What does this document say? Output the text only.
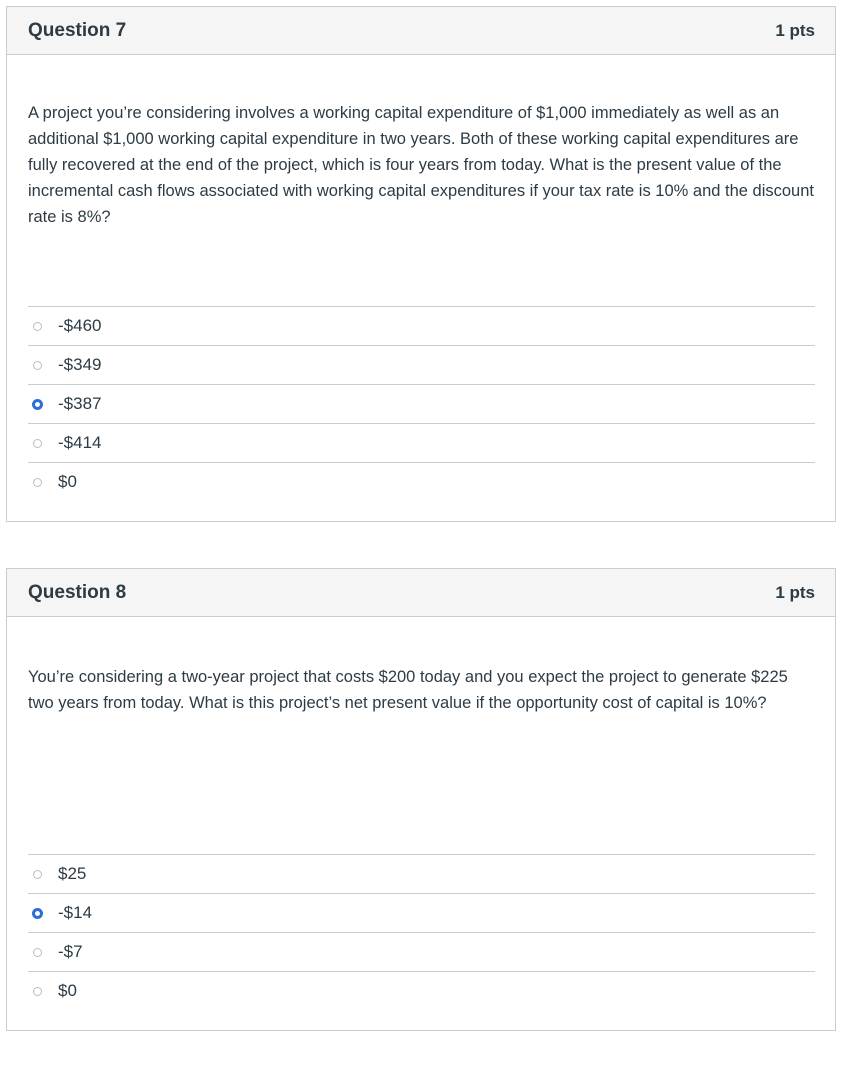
Question 7	1 pts

A project you’re considering involves a working capital expenditure of $1,000 immediately as well as an additional $1,000 working capital expenditure in two years. Both of these working capital expenditures are fully recovered at the end of the project, which is four years from today. What is the present value of the incremental cash flows associated with working capital expenditures if your tax rate is 10% and the discount rate is 8%?

-$460
-$349
-$387
-$414
$0
Question 8	1 pts

You’re considering a two-year project that costs $200 today and you expect the project to generate $225 two years from today. What is this project’s net present value if the opportunity cost of capital is 10%?

$25
-$14
-$7
$0
